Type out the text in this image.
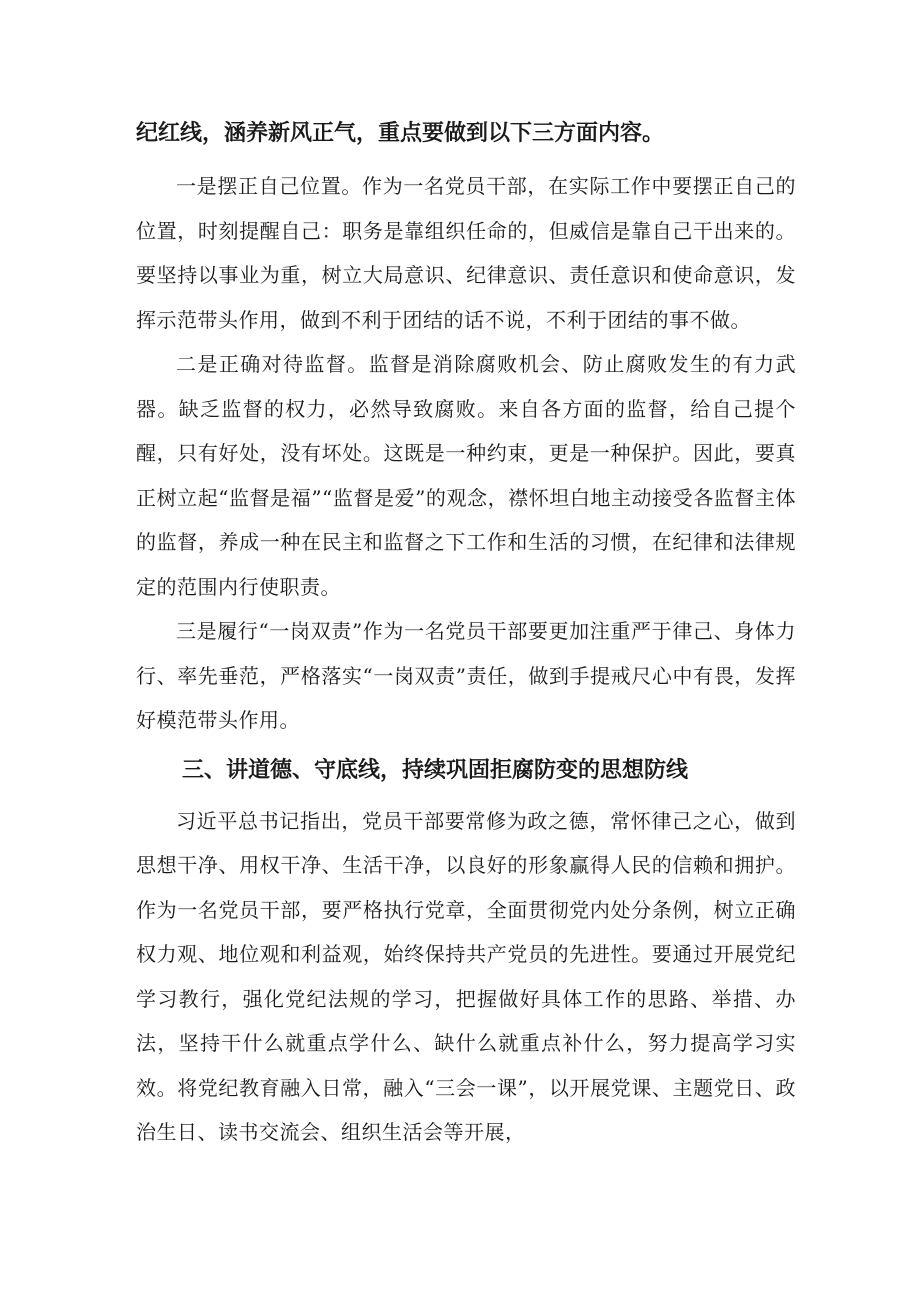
纪红线，涵养新风正气，重点要做到以下三方面内容。

一是摆正自己位置。作为一名党员干部，在实际工作中要摆正自己的位置，时刻提醒自己：职务是靠组织任命的，但威信是靠自己干出来的。要坚持以事业为重，树立大局意识、纪律意识、责任意识和使命意识，发挥示范带头作用，做到不利于团结的话不说，不利于团结的事不做。

二是正确对待监督。监督是消除腐败机会、防止腐败发生的有力武器。缺乏监督的权力，必然导致腐败。来自各方面的监督，给自己提个醒，只有好处，没有坏处。这既是一种约束，更是一种保护。因此，要真正树立起“监督是福”“监督是爱”的观念，襟怀坦白地主动接受各监督主体的监督，养成一种在民主和监督之下工作和生活的习惯，在纪律和法律规定的范围内行使职责。

三是履行“一岗双责”作为一名党员干部要更加注重严于律己、身体力行、率先垂范，严格落实“一岗双责”责任，做到手提戒尺心中有畏，发挥好模范带头作用。

三、讲道德、守底线，持续巩固拒腐防变的思想防线

习近平总书记指出，党员干部要常修为政之德，常怀律己之心，做到思想干净、用权干净、生活干净，以良好的形象赢得人民的信赖和拥护。作为一名党员干部，要严格执行党章，全面贯彻党内处分条例，树立正确权力观、地位观和利益观，始终保持共产党员的先进性。要通过开展党纪学习教行，强化党纪法规的学习，把握做好具体工作的思路、举措、办法，坚持干什么就重点学什么、缺什么就重点补什么，努力提高学习实效。将党纪教育融入日常，融入“三会一课”，以开展党课、主题党日、政治生日、读书交流会、组织生活会等开展，
